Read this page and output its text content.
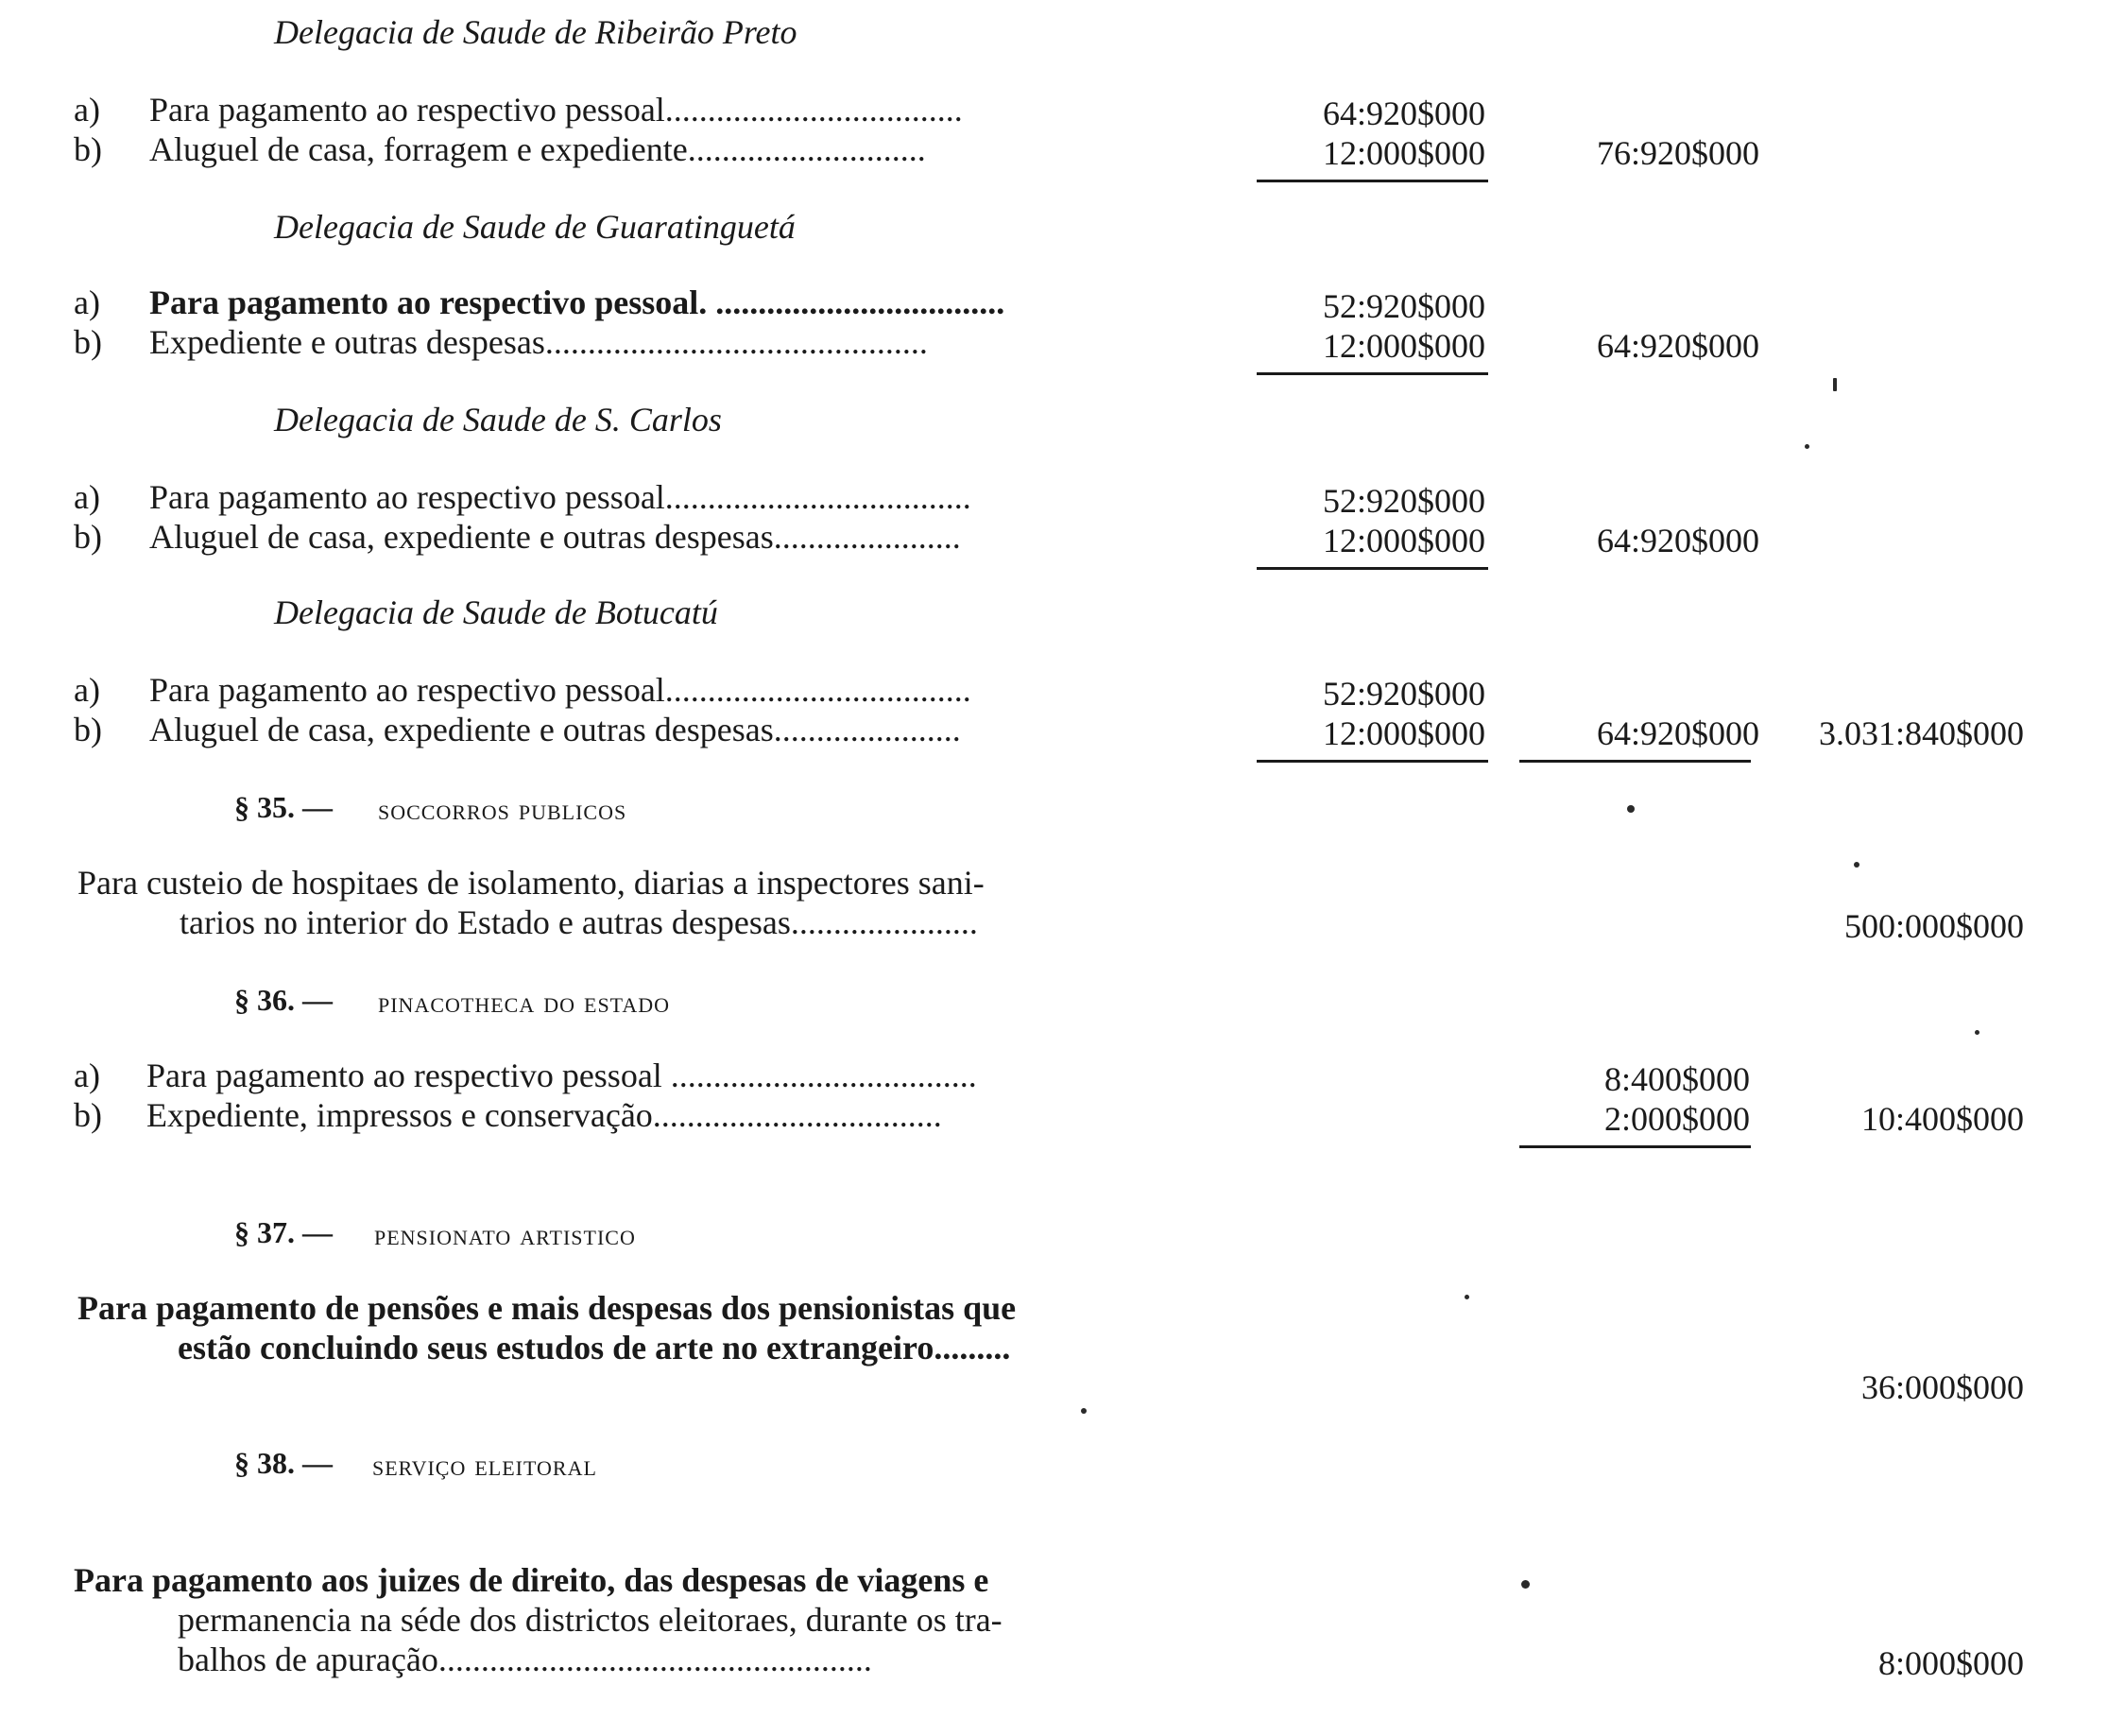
Delegacia de Saude de Ribeirão Preto
a) Para pagamento ao respectivo pessoal...................................	64:920$000
b) Aluguel de casa, forragem e expediente............................	12:000$000	76:920$000
Delegacia de Saude de Guaratinguetá
a) Para pagamento ao respectivo pessoal. ..................................	52:920$000
b) Expediente e outras despesas.............................................	12:000$000	64:920$000
Delegacia de Saude de S. Carlos
a) Para pagamento ao respectivo pessoal....................................	52:920$000
b) Aluguel de casa, expediente e outras despesas......................	12:000$000	64:920$000
Delegacia de Saude de Botucatú
a) Para pagamento ao respectivo pessoal....................................	52:920$000
b) Aluguel de casa, expediente e outras despesas......................	12:000$000	64:920$000	3.031:840$000
§ 35. — soccorros publicos
Para custeio de hospitaes de isolamento, diarias a inspectores sani-
tarios no interior do Estado e autras despesas......................	500:000$000
§ 36. — pinacotheca do estado
a) Para pagamento ao respectivo pessoal ....................................	8:400$000
b) Expediente, impressos e conservação..................................	2:000$000	10:400$000
§ 37. — pensionato artistico
Para pagamento de pensões e mais despesas dos pensionistas que
estão concluindo seus estudos de arte no extrangeiro.........
36:000$000
§ 38. — serviço eleitoral
Para pagamento aos juizes de direito, das despesas de viagens e
permanencia na séde dos districtos eleitoraes, durante os tra-
balhos de apuração...................................................	8:000$000
